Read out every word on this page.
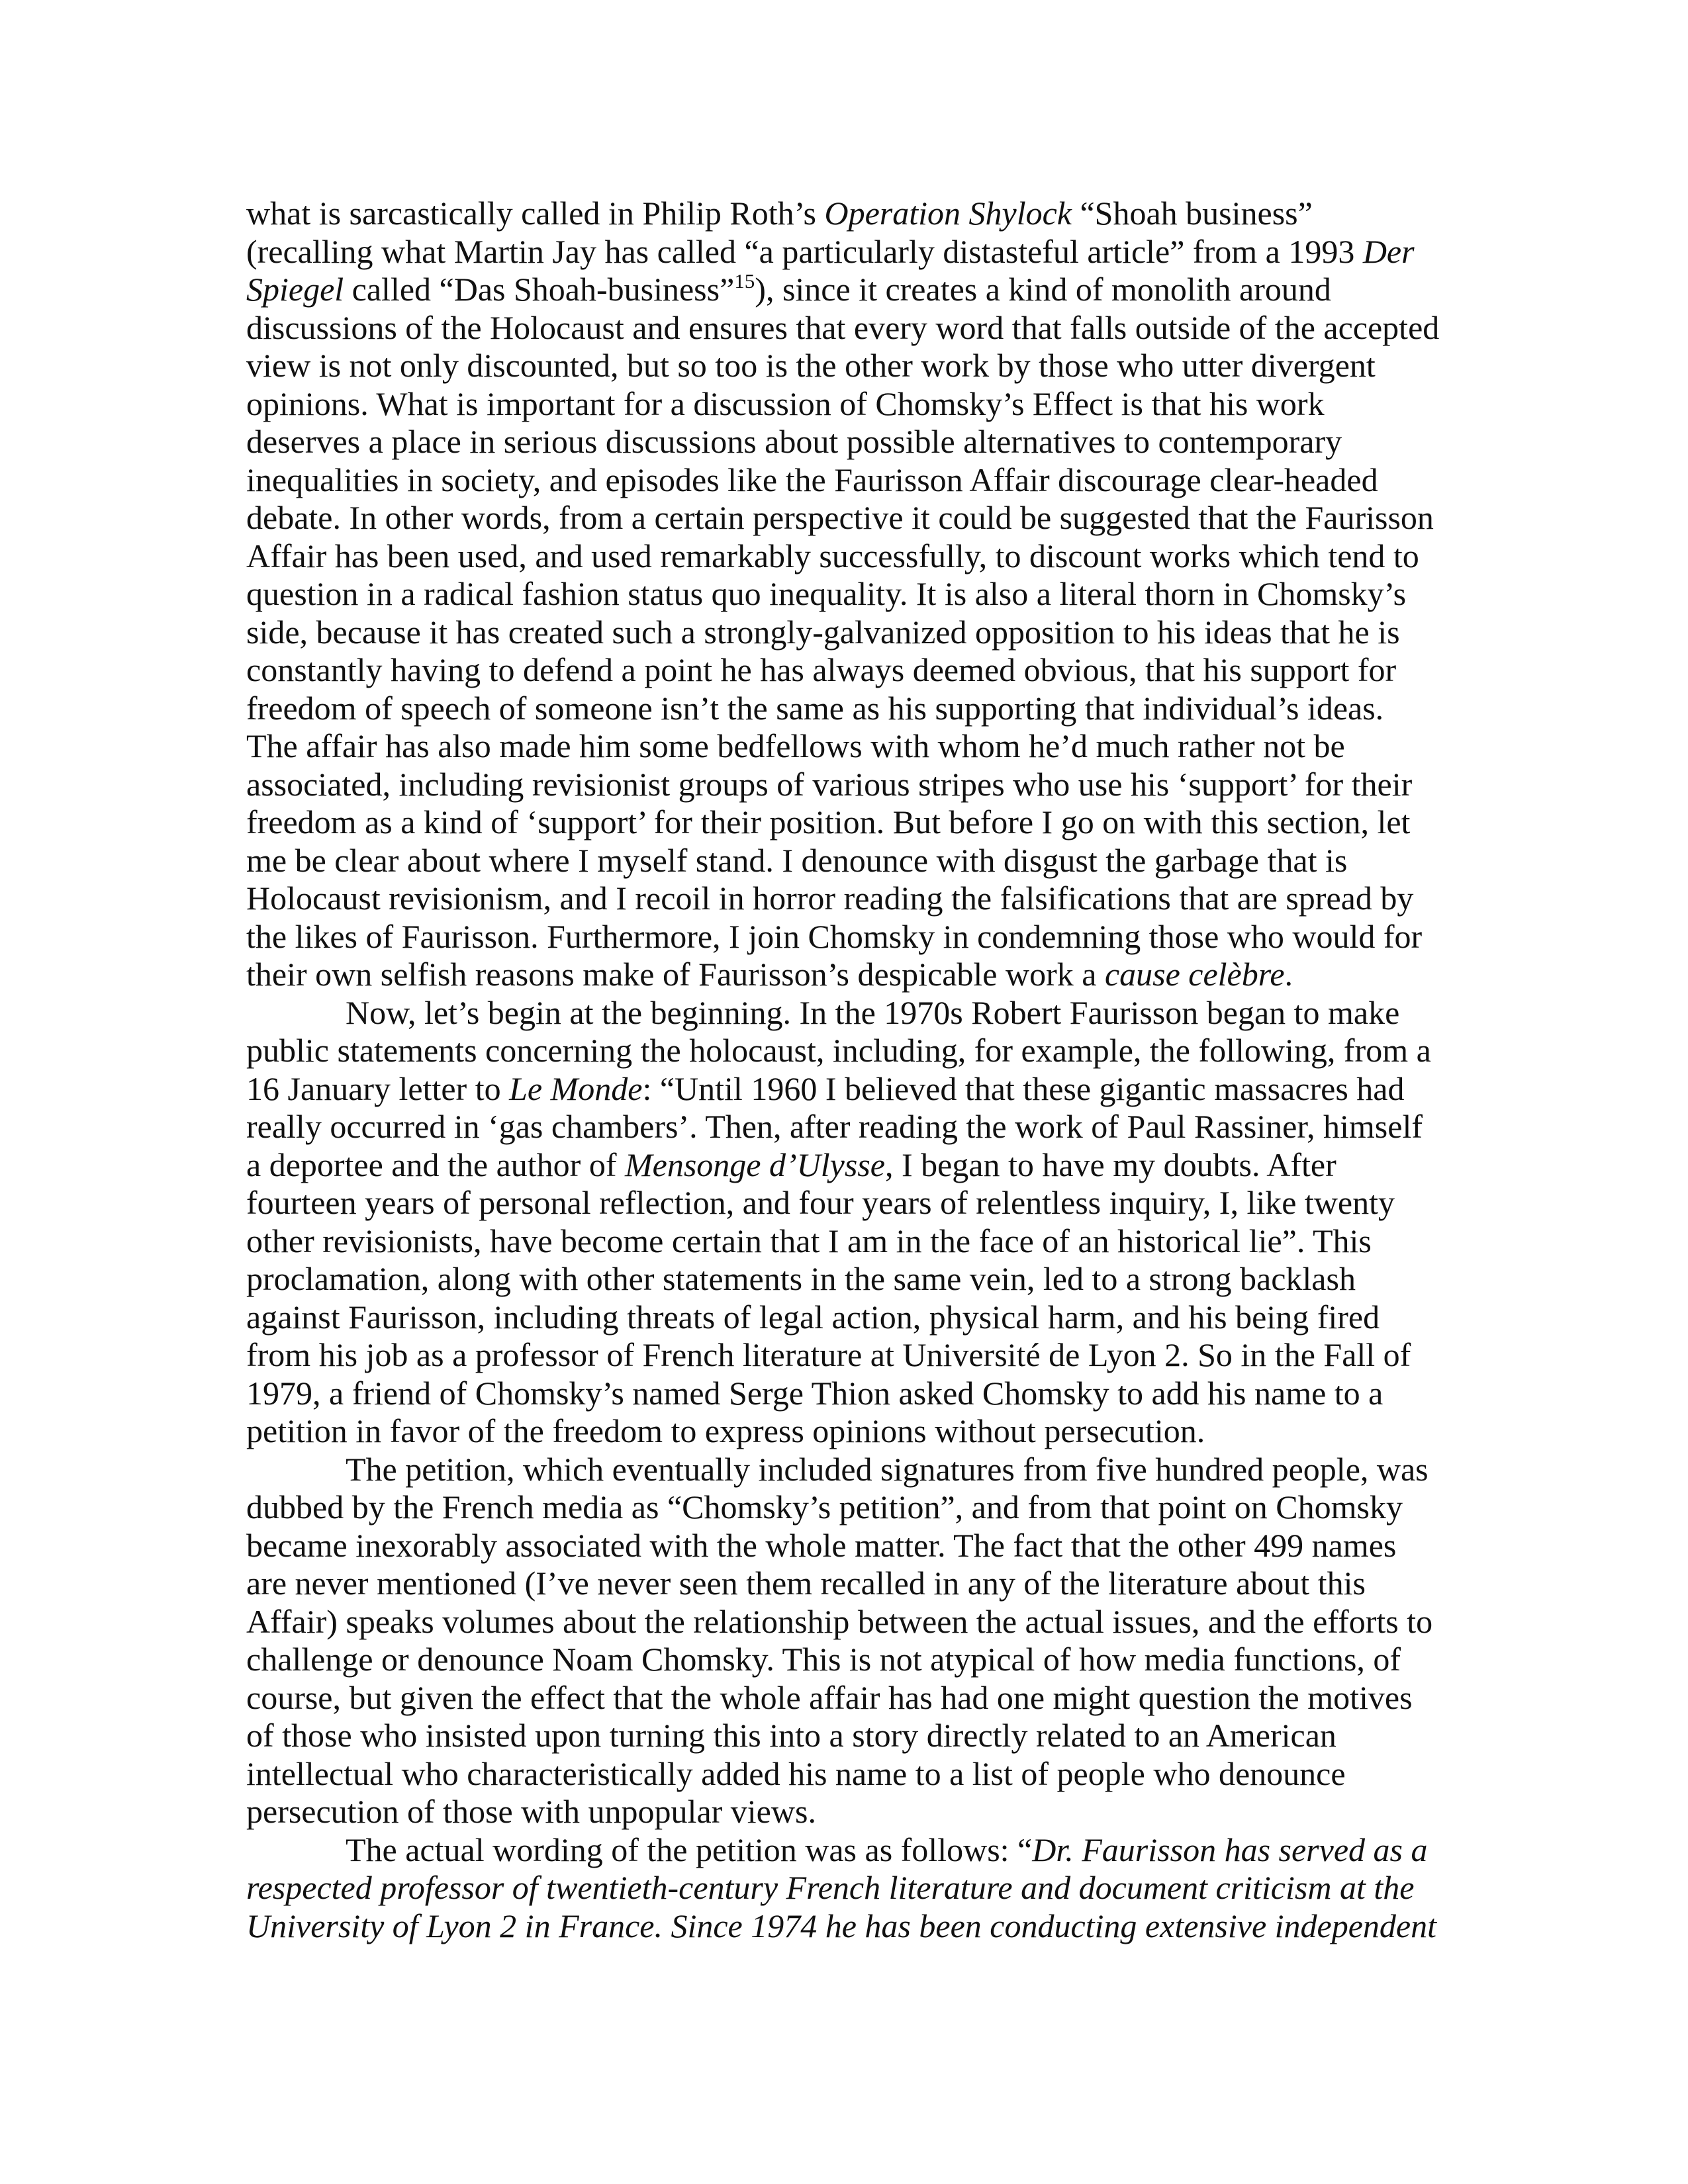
what is sarcastically called in Philip Roth’s Operation Shylock “Shoah business” (recalling what Martin Jay has called “a particularly distasteful article” from a 1993 Der Spiegel called “Das Shoah-business”$^{15}$), since it creates a kind of monolith around discussions of the Holocaust and ensures that every word that falls outside of the accepted view is not only discounted, but so too is the other work by those who utter divergent opinions. What is important for a discussion of Chomsky’s Effect is that his work deserves a place in serious discussions about possible alternatives to contemporary inequalities in society, and episodes like the Faurisson Affair discourage clear-headed debate. In other words, from a certain perspective it could be suggested that the Faurisson Affair has been used, and used remarkably successfully, to discount works which tend to question in a radical fashion status quo inequality. It is also a literal thorn in Chomsky’s side, because it has created such a strongly-galvanized opposition to his ideas that he is constantly having to defend a point he has always deemed obvious, that his support for freedom of speech of someone isn’t the same as his supporting that individual’s ideas. The affair has also made him some bedfellows with whom he’d much rather not be associated, including revisionist groups of various stripes who use his ‘support’ for their freedom as a kind of ‘support’ for their position. But before I go on with this section, let me be clear about where I myself stand. I denounce with disgust the garbage that is Holocaust revisionism, and I recoil in horror reading the falsifications that are spread by the likes of Faurisson. Furthermore, I join Chomsky in condemning those who would for their own selfish reasons make of Faurisson’s despicable work a cause celèbre.

Now, let’s begin at the beginning. In the 1970s Robert Faurisson began to make public statements concerning the holocaust, including, for example, the following, from a 16 January letter to Le Monde: “Until 1960 I believed that these gigantic massacres had really occurred in ‘gas chambers’. Then, after reading the work of Paul Rassiner, himself a deportee and the author of Mensonge d’Ulysse, I began to have my doubts. After fourteen years of personal reflection, and four years of relentless inquiry, I, like twenty other revisionists, have become certain that I am in the face of an historical lie”. This proclamation, along with other statements in the same vein, led to a strong backlash against Faurisson, including threats of legal action, physical harm, and his being fired from his job as a professor of French literature at Université de Lyon 2. So in the Fall of 1979, a friend of Chomsky’s named Serge Thion asked Chomsky to add his name to a petition in favor of the freedom to express opinions without persecution.

The petition, which eventually included signatures from five hundred people, was dubbed by the French media as “Chomsky’s petition”, and from that point on Chomsky became inexorably associated with the whole matter. The fact that the other 499 names are never mentioned (I’ve never seen them recalled in any of the literature about this Affair) speaks volumes about the relationship between the actual issues, and the efforts to challenge or denounce Noam Chomsky. This is not atypical of how media functions, of course, but given the effect that the whole affair has had one might question the motives of those who insisted upon turning this into a story directly related to an American intellectual who characteristically added his name to a list of people who denounce persecution of those with unpopular views.

The actual wording of the petition was as follows: “Dr. Faurisson has served as a respected professor of twentieth-century French literature and document criticism at the University of Lyon 2 in France. Since 1974 he has been conducting extensive independent
